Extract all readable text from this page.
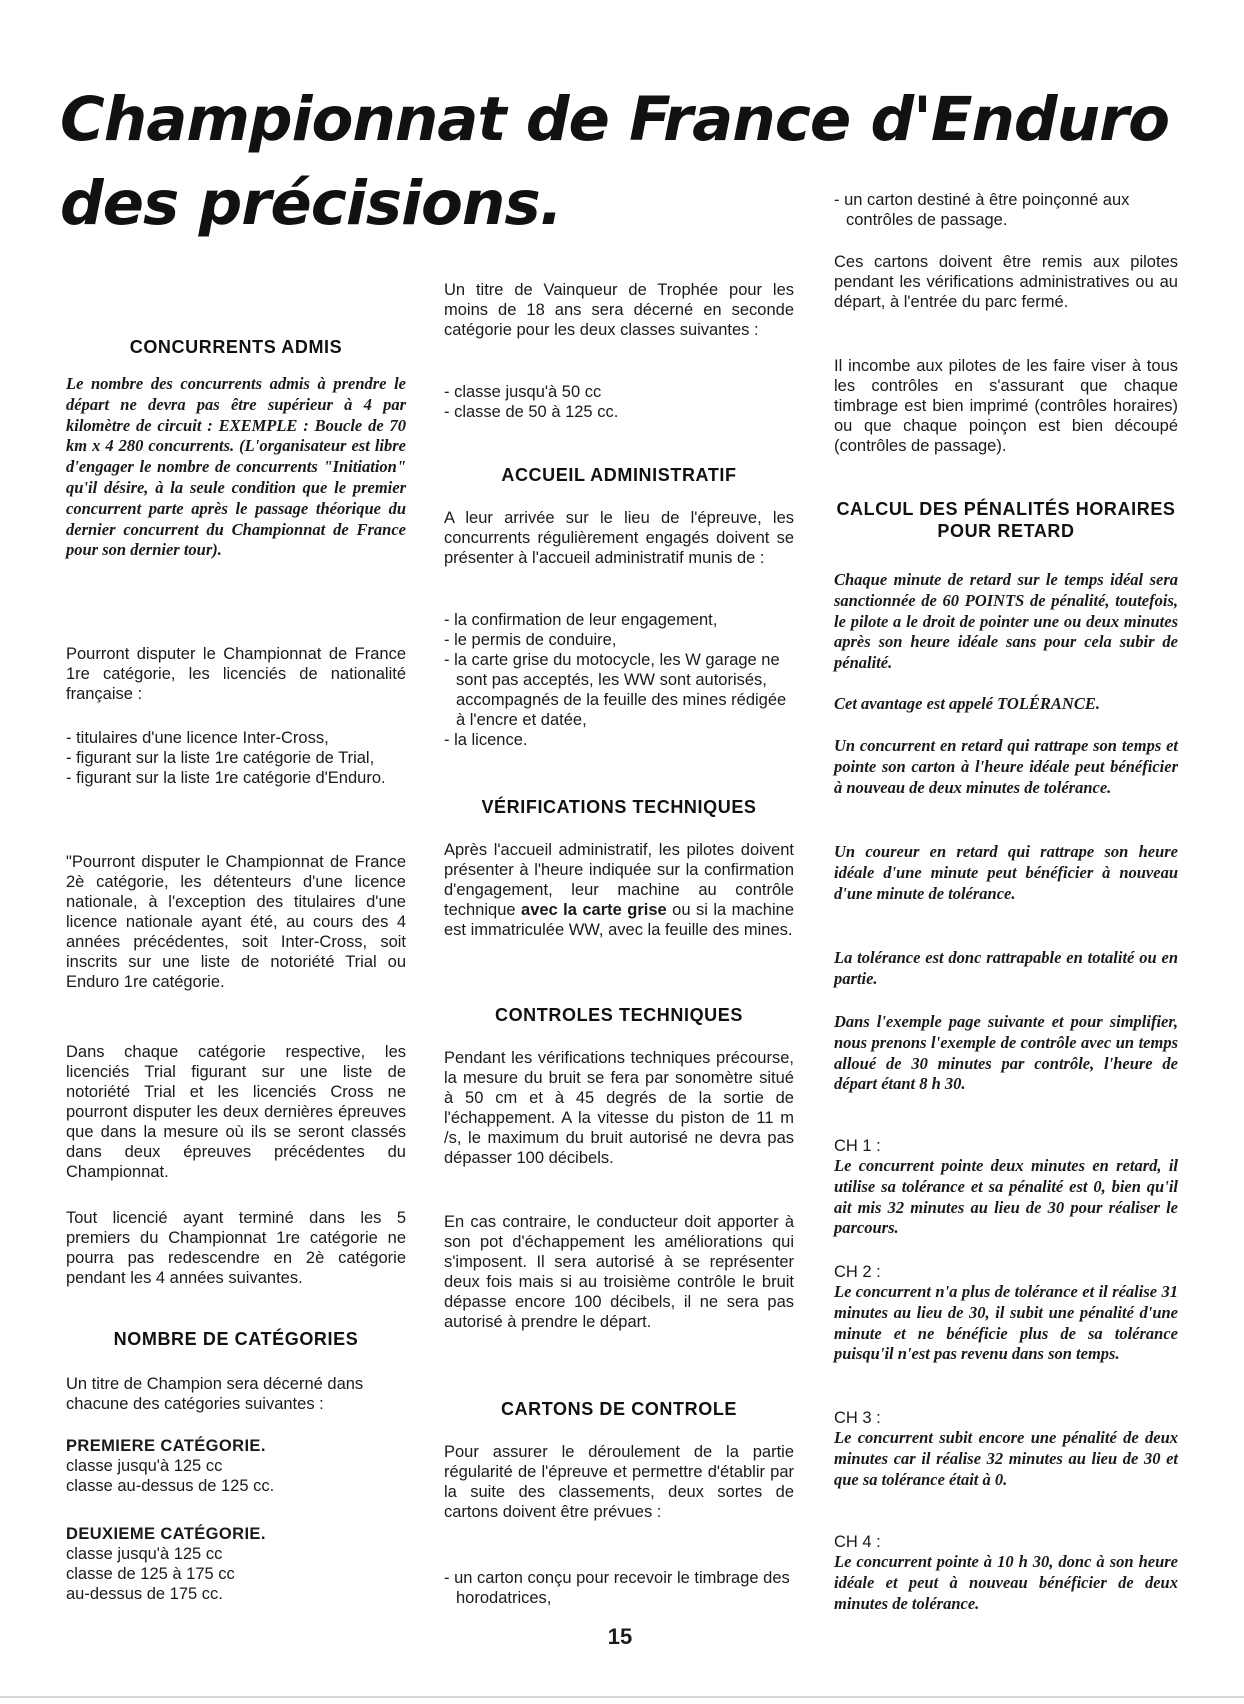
Championnat de France d'Enduro
des précisions.
CONCURRENTS ADMIS

Le nombre des concurrents admis à prendre le départ ne devra pas être supérieur à 4 par kilomètre de circuit : EXEMPLE : Boucle de 70 km x 4 280 concurrents. (L'organisateur est libre d'engager le nombre de concurrents "Initiation" qu'il désire, à la seule condition que le premier concurrent parte après le passage théorique du dernier concurrent du Championnat de France pour son dernier tour).

Pourront disputer le Championnat de France 1re catégorie, les licenciés de nationalité française :

- titulaires d'une licence Inter-Cross,
- figurant sur la liste 1re catégorie de Trial,
- figurant sur la liste 1re catégorie d'Enduro.

"Pourront disputer le Championnat de France 2è catégorie, les détenteurs d'une licence nationale, à l'exception des titulaires d'une licence nationale ayant été, au cours des 4 années précédentes, soit Inter-Cross, soit inscrits sur une liste de notoriété Trial ou Enduro 1re catégorie.

Dans chaque catégorie respective, les licenciés Trial figurant sur une liste de notoriété Trial et les licenciés Cross ne pourront disputer les deux dernières épreuves que dans la mesure où ils se seront classés dans deux épreuves précédentes du Championnat.

Tout licencié ayant terminé dans les 5 premiers du Championnat 1re catégorie ne pourra pas redescendre en 2è catégorie pendant les 4 années suivantes.

NOMBRE DE CATÉGORIES

Un titre de Champion sera décerné dans chacune des catégories suivantes :

PREMIERE CATÉGORIE.
classe jusqu'à 125 cc
classe au-dessus de 125 cc.
DEUXIEME CATÉGORIE.
classe jusqu'à 125 cc
classe de 125 à 175 cc
au-dessus de 175 cc.

Un titre de Vainqueur de Trophée pour les moins de 18 ans sera décerné en seconde catégorie pour les deux classes suivantes :

- classe jusqu'à 50 cc
- classe de 50 à 125 cc.
ACCUEIL ADMINISTRATIF

A leur arrivée sur le lieu de l'épreuve, les concurrents régulièrement engagés doivent se présenter à l'accueil administratif munis de :

- la confirmation de leur engagement,
- le permis de conduire,
- la carte grise du motocycle, les W garage ne sont pas acceptés, les WW sont autorisés, accompagnés de la feuille des mines rédigée à l'encre et datée,
- la licence.
VÉRIFICATIONS TECHNIQUES

Après l'accueil administratif, les pilotes doivent présenter à l'heure indiquée sur la confirmation d'engagement, leur machine au contrôle technique avec la carte grise ou si la machine est immatriculée WW, avec la feuille des mines.

CONTROLES TECHNIQUES

Pendant les vérifications techniques précourse, la mesure du bruit se fera par sonomètre situé à 50 cm et à 45 degrés de la sortie de l'échappement. A la vitesse du piston de 11 m /s, le maximum du bruit autorisé ne devra pas dépasser 100 décibels.

En cas contraire, le conducteur doit apporter à son pot d'échappement les améliorations qui s'imposent. Il sera autorisé à se représenter deux fois mais si au troisième contrôle le bruit dépasse encore 100 décibels, il ne sera pas autorisé à prendre le départ.

CARTONS DE CONTROLE

Pour assurer le déroulement de la partie régularité de l'épreuve et permettre d'établir par la suite des classements, deux sortes de cartons doivent être prévues :

- un carton conçu pour recevoir le timbrage des horodatrices,
- un carton destiné à être poinçonné aux contrôles de passage.

Ces cartons doivent être remis aux pilotes pendant les vérifications administratives ou au départ, à l'entrée du parc fermé.

Il incombe aux pilotes de les faire viser à tous les contrôles en s'assurant que chaque timbrage est bien imprimé (contrôles horaires) ou que chaque poinçon est bien découpé (contrôles de passage).

CALCUL DES PÉNALITÉS HORAIRES
POUR RETARD

Chaque minute de retard sur le temps idéal sera sanctionnée de 60 POINTS de pénalité, toutefois, le pilote a le droit de pointer une ou deux minutes après son heure idéale sans pour cela subir de pénalité.

Cet avantage est appelé TOLÉRANCE.

Un concurrent en retard qui rattrape son temps et pointe son carton à l'heure idéale peut bénéficier à nouveau de deux minutes de tolérance.

Un coureur en retard qui rattrape son heure idéale d'une minute peut bénéficier à nouveau d'une minute de tolérance.

La tolérance est donc rattrapable en totalité ou en partie.

Dans l'exemple page suivante et pour simplifier, nous prenons l'exemple de contrôle avec un temps alloué de 30 minutes par contrôle, l'heure de départ étant 8 h 30.

CH 1 :
Le concurrent pointe deux minutes en retard, il utilise sa tolérance et sa pénalité est 0, bien qu'il ait mis 32 minutes au lieu de 30 pour réaliser le parcours.
CH 2 :
Le concurrent n'a plus de tolérance et il réalise 31 minutes au lieu de 30, il subit une pénalité d'une minute et ne bénéficie plus de sa tolérance puisqu'il n'est pas revenu dans son temps.
CH 3 :
Le concurrent subit encore une pénalité de deux minutes car il réalise 32 minutes au lieu de 30 et que sa tolérance était à 0.
CH 4 :
Le concurrent pointe à 10 h 30, donc à son heure idéale et peut à nouveau bénéficier de deux minutes de tolérance.
15
